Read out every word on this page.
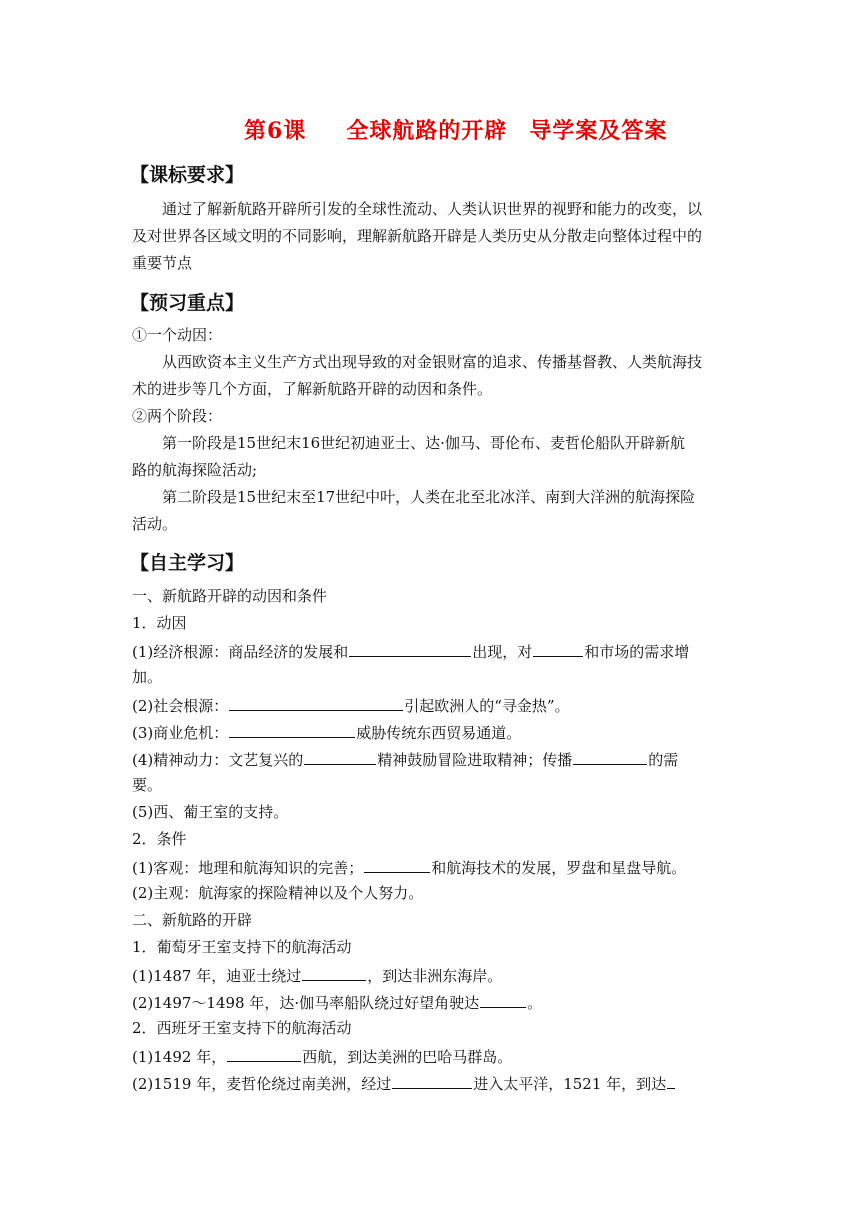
第6课 全球航路的开辟 导学案及答案
【课标要求】
通过了解新航路开辟所引发的全球性流动、人类认识世界的视野和能力的改变，以
及对世界各区域文明的不同影响，理解新航路开辟是人类历史从分散走向整体过程中的
重要节点
【预习重点】
①一个动因：
从西欧资本主义生产方式出现导致的对金银财富的追求、传播基督教、人类航海技
术的进步等几个方面，了解新航路开辟的动因和条件。
②两个阶段：
第一阶段是15世纪末16世纪初迪亚士、达·伽马、哥伦布、麦哲伦船队开辟新航
路的航海探险活动;
第二阶段是15世纪末至17世纪中叶，人类在北至北冰洋、南到大洋洲的航海探险
活动。
【自主学习】
一、新航路开辟的动因和条件
1．动因
(1)经济根源：商品经济的发展和	出现，对	和市场的需求增
加。
(2)社会根源：	引起欧洲人的“寻金热”。
(3)商业危机：	威胁传统东西贸易通道。
(4)精神动力：文艺复兴的	精神鼓励冒险进取精神；传播	的需
要。
(5)西、葡王室的支持。
2．条件
(1)客观：地理和航海知识的完善；	和航海技术的发展，罗盘和星盘导航。
(2)主观：航海家的探险精神以及个人努力。
二、新航路的开辟
1．葡萄牙王室支持下的航海活动
(1)1487 年，迪亚士绕过	，到达非洲东海岸。
(2)1497～1498 年，达·伽马率船队绕过好望角驶达	。
2．西班牙王室支持下的航海活动
(1)1492 年，	西航，到达美洲的巴哈马群岛。
(2)1519 年，麦哲伦绕过南美洲，经过	进入太平洋，1521 年，到达
